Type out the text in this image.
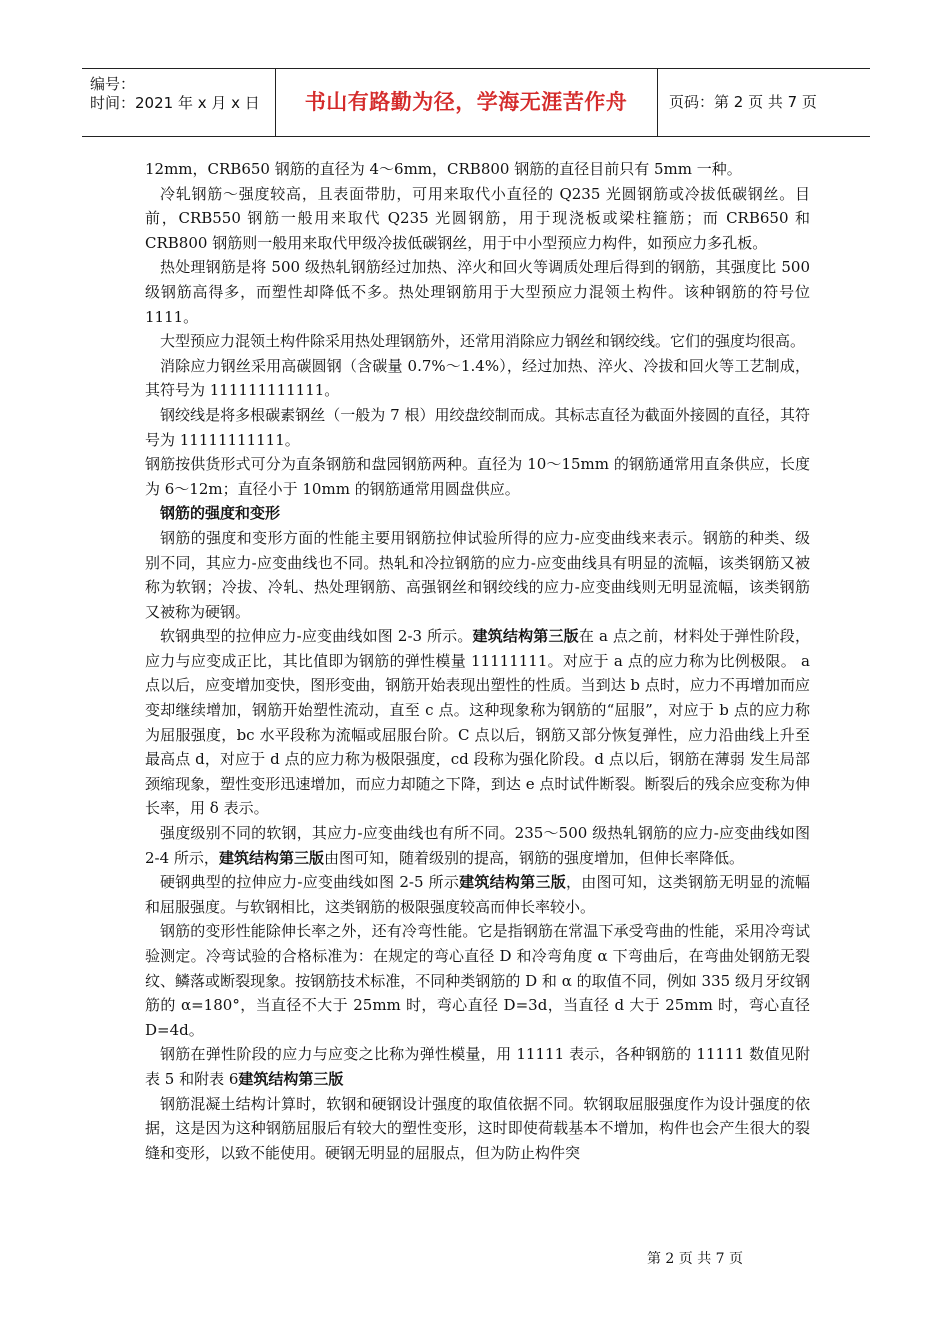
编号：
时间：2021 年 x 月 x 日	书山有路勤为径，学海无涯苦作舟	页码：第 2 页 共 7 页

12mm，CRB650 钢筋的直径为 4～6mm，CRB800 钢筋的直径目前只有 5mm 一种。

冷轧钢筋～强度较高，且表面带肋，可用来取代小直径的 Q235 光圆钢筋或冷拔低碳钢丝。目前，CRB550 钢筋一般用来取代 Q235 光圆钢筋，用于现浇板或梁柱箍筋；而 CRB650 和 CRB800 钢筋则一般用来取代甲级冷拔低碳钢丝，用于中小型预应力构件，如预应力多孔板。

热处理钢筋是将 500 级热轧钢筋经过加热、淬火和回火等调质处理后得到的钢筋，其强度比 500 级钢筋高得多，而塑性却降低不多。热处理钢筋用于大型预应力混领土构件。该种钢筋的符号位 1111。

大型预应力混领土构件除采用热处理钢筋外，还常用消除应力钢丝和钢绞线。它们的强度均很高。

消除应力钢丝采用高碳圆钢（含碳量 0.7%～1.4%），经过加热、淬火、冷拔和回火等工艺制成，其符号为 111111111111。

钢绞线是将多根碳素钢丝（一般为 7 根）用绞盘绞制而成。其标志直径为截面外接圆的直径，其符号为 11111111111。

钢筋按供货形式可分为直条钢筋和盘园钢筋两种。直径为 10～15mm 的钢筋通常用直条供应，长度为 6～12m；直径小于 10mm 的钢筋通常用圆盘供应。

钢筋的强度和变形

钢筋的强度和变形方面的性能主要用钢筋拉伸试验所得的应力-应变曲线来表示。钢筋的种类、级别不同，其应力-应变曲线也不同。热轧和冷拉钢筋的应力-应变曲线具有明显的流幅，该类钢筋又被称为软钢；冷拔、冷轧、热处理钢筋、高强钢丝和钢绞线的应力-应变曲线则无明显流幅，该类钢筋又被称为硬钢。

软钢典型的拉伸应力-应变曲线如图 2-3 所示。建筑结构第三版在 a 点之前，材料处于弹性阶段，应力与应变成正比，其比值即为钢筋的弹性模量 11111111。对应于 a 点的应力称为比例极限。 a 点以后，应变增加变快，图形变曲，钢筋开始表现出塑性的性质。当到达 b 点时，应力不再增加而应变却继续增加，钢筋开始塑性流动，直至 c 点。这种现象称为钢筋的“屈服”，对应于 b 点的应力称为屈服强度，bc 水平段称为流幅或屈服台阶。C 点以后，钢筋又部分恢复弹性，应力沿曲线上升至最高点 d，对应于 d 点的应力称为极限强度，cd 段称为强化阶段。d 点以后，钢筋在薄弱 发生局部颈缩现象，塑性变形迅速增加，而应力却随之下降，到达 e 点时试件断裂。断裂后的残余应变称为伸长率，用 δ 表示。

强度级别不同的软钢，其应力-应变曲线也有所不同。235～500 级热轧钢筋的应力-应变曲线如图 2-4 所示，建筑结构第三版由图可知，随着级别的提高，钢筋的强度增加，但伸长率降低。

硬钢典型的拉伸应力-应变曲线如图 2-5 所示建筑结构第三版，由图可知，这类钢筋无明显的流幅和屈服强度。与软钢相比，这类钢筋的极限强度较高而伸长率较小。

钢筋的变形性能除伸长率之外，还有冷弯性能。它是指钢筋在常温下承受弯曲的性能，采用冷弯试验测定。冷弯试验的合格标准为：在规定的弯心直径 D 和冷弯角度 α 下弯曲后，在弯曲处钢筋无裂纹、鳞落或断裂现象。按钢筋技术标准，不同种类钢筋的 D 和 α 的取值不同，例如 335 级月牙纹钢筋的 α=180°，当直径不大于 25mm 时，弯心直径 D=3d，当直径 d 大于 25mm 时，弯心直径 D=4d。

钢筋在弹性阶段的应力与应变之比称为弹性模量，用 11111 表示，各种钢筋的 11111 数值见附表 5 和附表 6建筑结构第三版

钢筋混凝土结构计算时，软钢和硬钢设计强度的取值依据不同。软钢取屈服强度作为设计强度的依据，这是因为这种钢筋屈服后有较大的塑性变形，这时即使荷载基本不增加，构件也会产生很大的裂缝和变形，以致不能使用。硬钢无明显的屈服点，但为防止构件突

第 2 页 共 7 页
